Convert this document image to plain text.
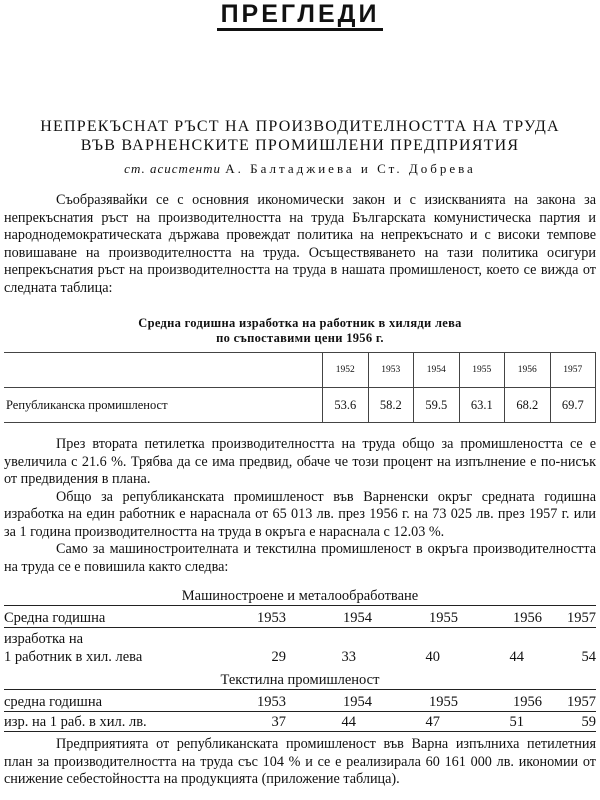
ПРЕГЛЕДИ
НЕПРЕКЪСНАТ РЪСТ НА ПРОИЗВОДИТЕЛНОСТТА НА ТРУДА
ВЪВ ВАРНЕНСКИТЕ ПРОМИШЛЕНИ ПРЕДПРИЯТИЯ
ст. асистенти А. Балтаджиева и Ст. Добрева

Съобразявайки се с основния икономически закон и с изискванията на закона за непрекъснатия ръст на производителността на труда Българската комунистическа партия и народнодемократическата държава провеждат политика на непрекъснато и с високи темпове повишаване на производителността на труда. Осъществяването на тази политика осигури непрекъснатия ръст на производителността на труда в нашата промишленост, което се вижда от следната таблица:

Средна годишна изработка на работник в хиляди лева
по съпоставими цени 1956 г.
	1952	1953	1954	1955	1956	1957
Републиканска промишленост	53.6	58.2	59.5	63.1	68.2	69.7

През втората петилетка производителността на труда общо за промишлеността се е увеличила с 21.6 %. Трябва да се има предвид, обаче че този процент на изпълнение е по-нисък от предвидения в плана.

Общо за републиканската промишленост във Варненски окръг средната годишна изработка на един работник е нараснала от 65 013 лв. през 1956 г. на 73 025 лв. през 1957 г. или за 1 година производителността на труда в окръга е нараснала с 12.03 %.

Само за машиностроителната и текстилна промишленост в окръга производителността на труда се е повишила както следва:

Машиностроене и металообработване
Средна годишна	1953	1954	1955	1956	1957
изработка на
1 работник в хил. лева	29	33	40	44	54
Текстилна промишленост
средна годишна	1953	1954	1955	1956	1957
изр. на 1 раб. в хил. лв.	37	44	47	51	59

Предприятията от републиканската промишленост във Варна изпълниха петилетния план за производителността на труда със 104 % и се е реализирала 60 161 000 лв. икономии от снижение себестойността на продукцията (приложение таблица).
